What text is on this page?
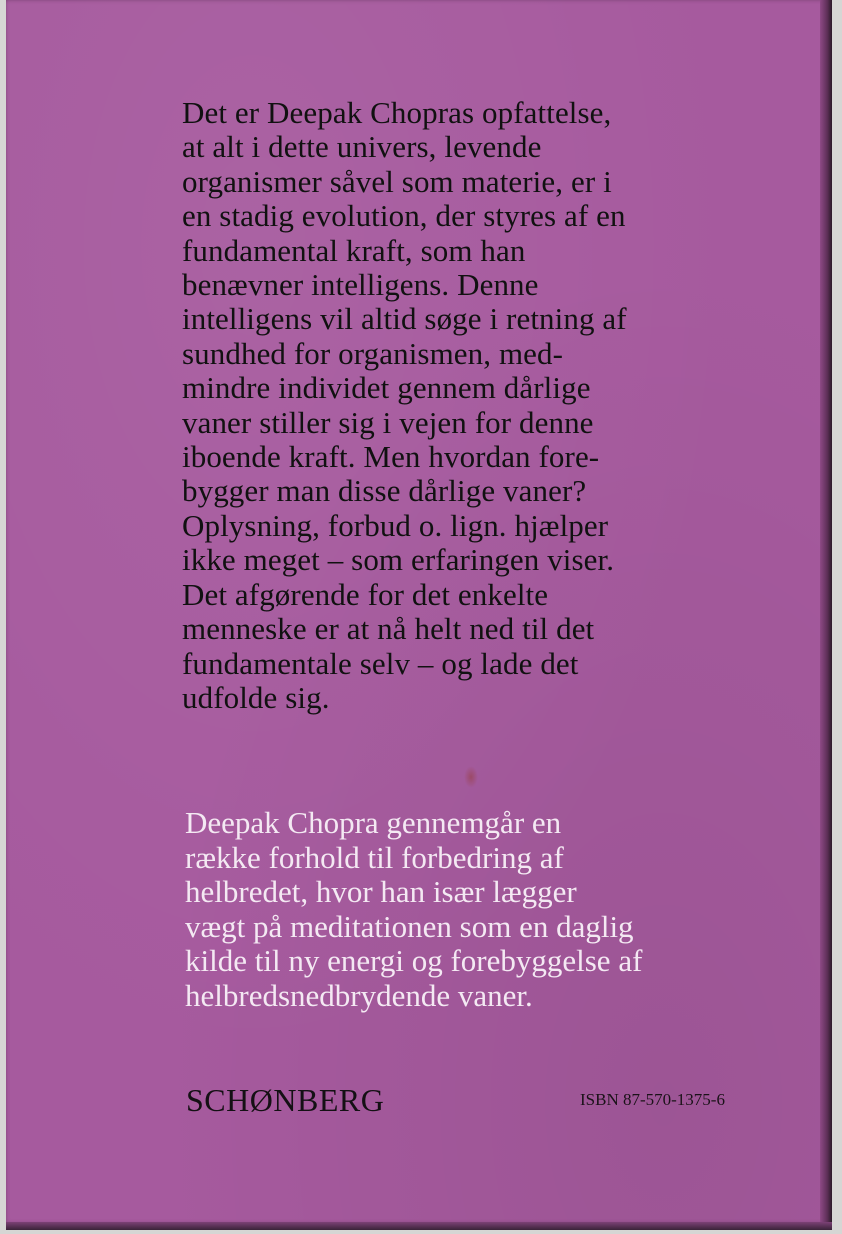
Det er Deepak Chopras opfattelse,
at alt i dette univers, levende
organismer såvel som materie, er i
en stadig evolution, der styres af en
fundamental kraft, som han
benævner intelligens. Denne
intelligens vil altid søge i retning af
sundhed for organismen, med-
mindre individet gennem dårlige
vaner stiller sig i vejen for denne
iboende kraft. Men hvordan fore-
bygger man disse dårlige vaner?
Oplysning, forbud o. lign. hjælper
ikke meget – som erfaringen viser.
Det afgørende for det enkelte
menneske er at nå helt ned til det
fundamentale selv – og lade det
udfolde sig.
Deepak Chopra gennemgår en
række forhold til forbedring af
helbredet, hvor han især lægger
vægt på meditationen som en daglig
kilde til ny energi og forebyggelse af
helbredsnedbrydende vaner.
SCHØNBERG	ISBN 87-570-1375-6
